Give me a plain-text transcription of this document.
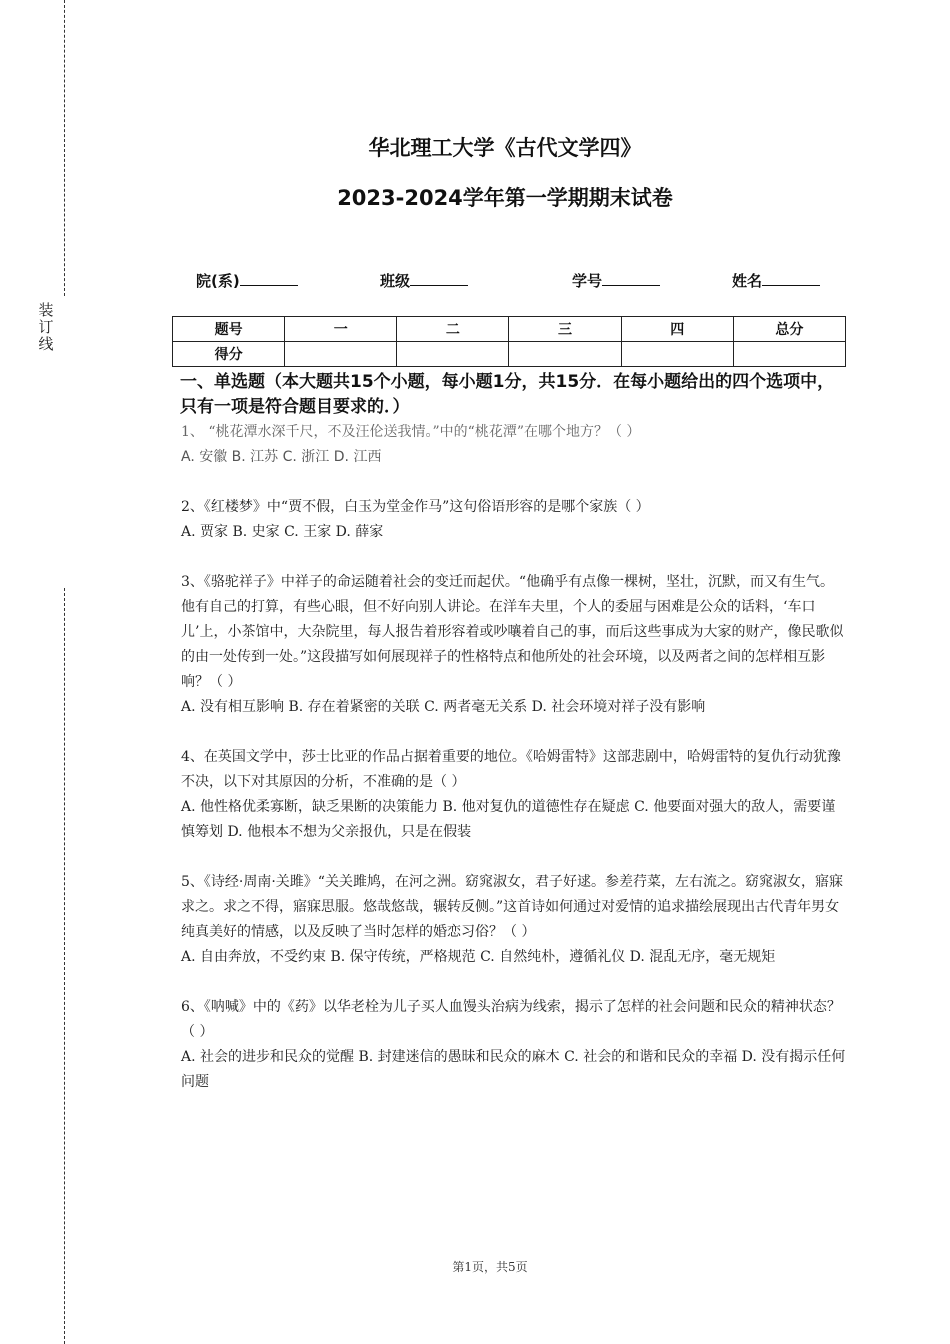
装
订
线
华北理工大学《古代文学四》
2023-2024学年第一学期期末试卷
院(系)	班级	学号	姓名
题号	一	二	三	四	总分
得分					
一、单选题（本大题共15个小题，每小题1分，共15分．在每小题给出的四个选项中，只有一项是符合题目要求的．）

1、 “桃花潭水深千尺，不及汪伦送我情。”中的“桃花潭”在哪个地方？（ ）

A. 安徽 B. 江苏 C. 浙江 D. 江西

2、《红楼梦》中“贾不假，白玉为堂金作马”这句俗语形容的是哪个家族（ ）

A. 贾家 B. 史家 C. 王家 D. 薛家

3、《骆驼祥子》中祥子的命运随着社会的变迁而起伏。“他确乎有点像一棵树，坚壮，沉默，而又有生气。他有自己的打算，有些心眼，但不好向别人讲论。在洋车夫里，个人的委屈与困难是公众的话料，‘车口儿’上，小茶馆中，大杂院里，每人报告着形容着或吵嚷着自己的事，而后这些事成为大家的财产，像民歌似的由一处传到一处。”这段描写如何展现祥子的性格特点和他所处的社会环境，以及两者之间的怎样相互影响？（ ）

A. 没有相互影响 B. 存在着紧密的关联 C. 两者毫无关系 D. 社会环境对祥子没有影响

4、在英国文学中，莎士比亚的作品占据着重要的地位。《哈姆雷特》这部悲剧中，哈姆雷特的复仇行动犹豫不决，以下对其原因的分析，不准确的是（ ）

A. 他性格优柔寡断，缺乏果断的决策能力 B. 他对复仇的道德性存在疑虑 C. 他要面对强大的敌人，需要谨慎筹划 D. 他根本不想为父亲报仇，只是在假装

5、《诗经·周南·关雎》“关关雎鸠，在河之洲。窈窕淑女，君子好逑。参差荇菜，左右流之。窈窕淑女，寤寐求之。求之不得，寤寐思服。悠哉悠哉，辗转反侧。”这首诗如何通过对爱情的追求描绘展现出古代青年男女纯真美好的情感，以及反映了当时怎样的婚恋习俗？（ ）

A. 自由奔放，不受约束 B. 保守传统，严格规范 C. 自然纯朴，遵循礼仪 D. 混乱无序，毫无规矩

6、《呐喊》中的《药》以华老栓为儿子买人血馒头治病为线索，揭示了怎样的社会问题和民众的精神状态？（ ）

A. 社会的进步和民众的觉醒 B. 封建迷信的愚昧和民众的麻木 C. 社会的和谐和民众的幸福 D. 没有揭示任何问题

第1页，共5页
